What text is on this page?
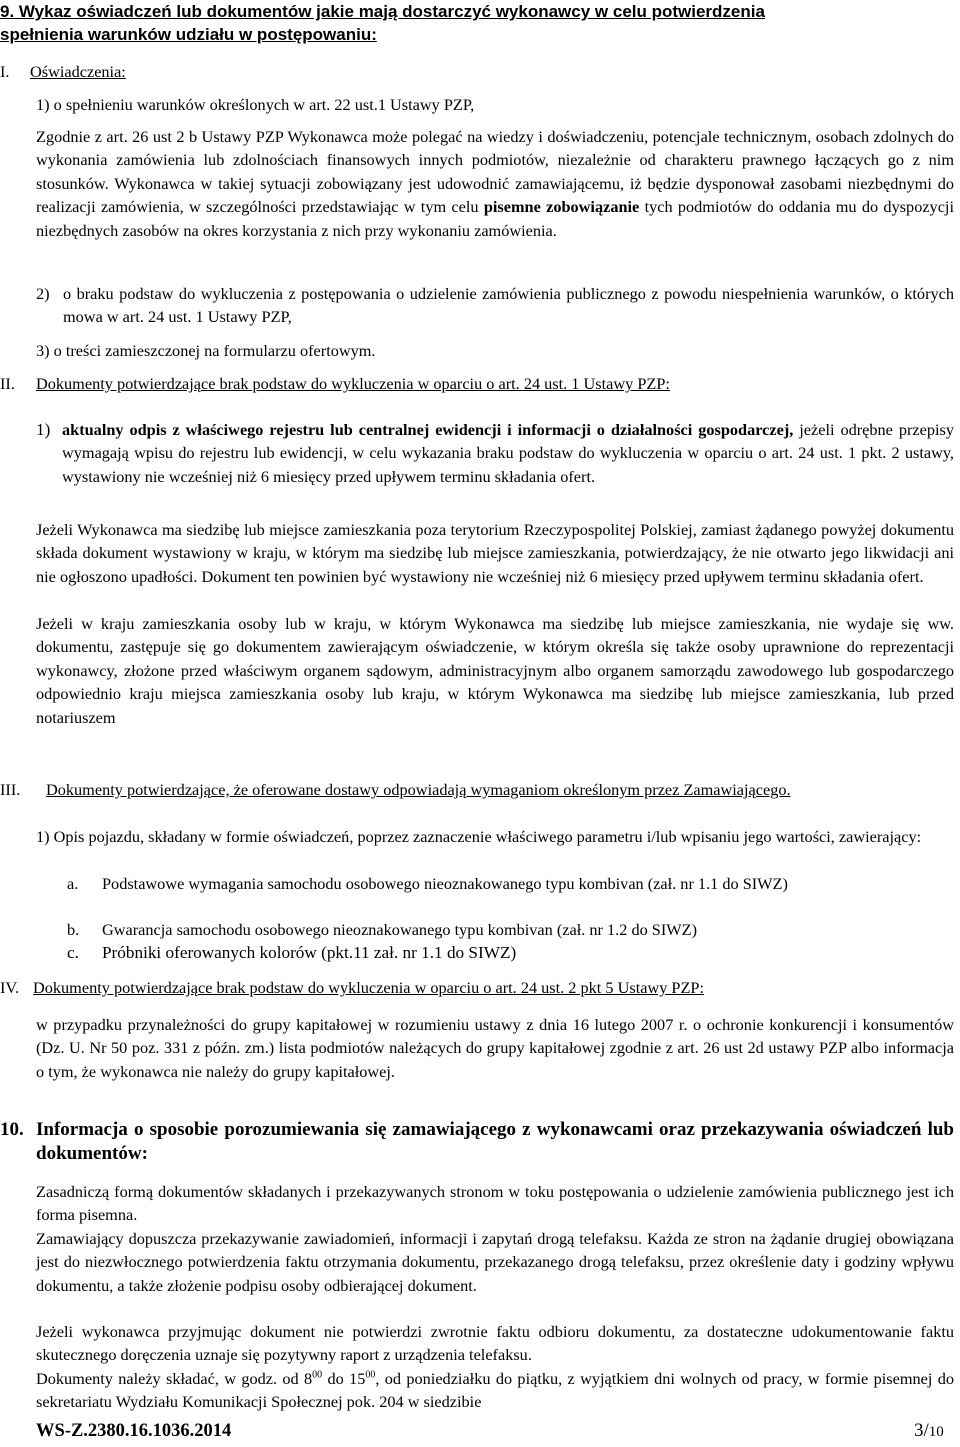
9. Wykaz oświadczeń lub dokumentów jakie mają dostarczyć wykonawcy w celu potwierdzenia
spełnienia warunków udziału w postępowaniu:
I. Oświadczenia:
1) o spełnieniu warunków określonych w art. 22 ust.1 Ustawy PZP,

Zgodnie z art. 26 ust 2 b Ustawy PZP Wykonawca może polegać na wiedzy i doświadczeniu, potencjale technicznym, osobach zdolnych do wykonania zamówienia lub zdolnościach finansowych innych podmiotów, niezależnie od charakteru prawnego łączących go z nim stosunków. Wykonawca w takiej sytuacji zobowiązany jest udowodnić zamawiającemu, iż będzie dysponował zasobami niezbędnymi do realizacji zamówienia, w szczególności przedstawiając w tym celu pisemne zobowiązanie tych podmiotów do oddania mu do dyspozycji niezbędnych zasobów na okres korzystania z nich przy wykonaniu zamówienia.

2) o braku podstaw do wykluczenia z postępowania o udzielenie zamówienia publicznego z powodu niespełnienia warunków, o których mowa w art. 24 ust. 1 Ustawy PZP,
3) o treści zamieszczonej na formularzu ofertowym.
II. Dokumenty potwierdzające brak podstaw do wykluczenia w oparciu o art. 24 ust. 1 Ustawy PZP:
1) aktualny odpis z właściwego rejestru lub centralnej ewidencji i informacji o działalności gospodarczej, jeżeli odrębne przepisy wymagają wpisu do rejestru lub ewidencji, w celu wykazania braku podstaw do wykluczenia w oparciu o art. 24 ust. 1 pkt. 2 ustawy, wystawiony nie wcześniej niż 6 miesięcy przed upływem terminu składania ofert.

Jeżeli Wykonawca ma siedzibę lub miejsce zamieszkania poza terytorium Rzeczypospolitej Polskiej, zamiast żądanego powyżej dokumentu składa dokument wystawiony w kraju, w którym ma siedzibę lub miejsce zamieszkania, potwierdzający, że nie otwarto jego likwidacji ani nie ogłoszono upadłości. Dokument ten powinien być wystawiony nie wcześniej niż 6 miesięcy przed upływem terminu składania ofert.

Jeżeli w kraju zamieszkania osoby lub w kraju, w którym Wykonawca ma siedzibę lub miejsce zamieszkania, nie wydaje się ww. dokumentu, zastępuje się go dokumentem zawierającym oświadczenie, w którym określa się także osoby uprawnione do reprezentacji wykonawcy, złożone przed właściwym organem sądowym, administracyjnym albo organem samorządu zawodowego lub gospodarczego odpowiednio kraju miejsca zamieszkania osoby lub kraju, w którym Wykonawca ma siedzibę lub miejsce zamieszkania, lub przed notariuszem

III.	Dokumenty potwierdzające, że oferowane dostawy odpowiadają wymaganiom określonym przez Zamawiającego.
1) Opis pojazdu, składany w formie oświadczeń, poprzez zaznaczenie właściwego parametru i/lub wpisaniu jego wartości, zawierający:
a.	Podstawowe wymagania samochodu osobowego nieoznakowanego typu kombivan (zał. nr 1.1 do SIWZ)
b.	Gwarancja samochodu osobowego nieoznakowanego typu kombivan (zał. nr 1.2 do SIWZ)
c.	Próbniki oferowanych kolorów (pkt.11 zał. nr 1.1 do SIWZ)
IV. Dokumenty potwierdzające brak podstaw do wykluczenia w oparciu o art. 24 ust. 2 pkt 5 Ustawy PZP:

w przypadku przynależności do grupy kapitałowej w rozumieniu ustawy z dnia 16 lutego 2007 r. o ochronie konkurencji i konsumentów (Dz. U. Nr 50 poz. 331 z późn. zm.) lista podmiotów należących do grupy kapitałowej zgodnie z art. 26 ust 2d ustawy PZP albo informacja o tym, że wykonawca nie należy do grupy kapitałowej.

10. Informacja o sposobie porozumiewania się zamawiającego z wykonawcami oraz przekazywania oświadczeń lub dokumentów:

Zasadniczą formą dokumentów składanych i przekazywanych stronom w toku postępowania o udzielenie zamówienia publicznego jest ich forma pisemna.

Zamawiający dopuszcza przekazywanie zawiadomień, informacji i zapytań drogą telefaksu. Każda ze stron na żądanie drugiej obowiązana jest do niezwłocznego potwierdzenia faktu otrzymania dokumentu, przekazanego drogą telefaksu, przez określenie daty i godziny wpływu dokumentu, a także złożenie podpisu osoby odbierającej dokument.

Jeżeli wykonawca przyjmując dokument nie potwierdzi zwrotnie faktu odbioru dokumentu, za dostateczne udokumentowanie faktu skutecznego doręczenia uznaje się pozytywny raport z urządzenia telefaksu.

Dokumenty należy składać, w godz. od $8^{00}$ do $15^{00}$, od poniedziałku do piątku, z wyjątkiem dni wolnych od pracy, w formie pisemnej do sekretariatu Wydziału Komunikacji Społecznej pok. 204 w siedzibie

WS-Z.2380.16.1036.2014	3/10
